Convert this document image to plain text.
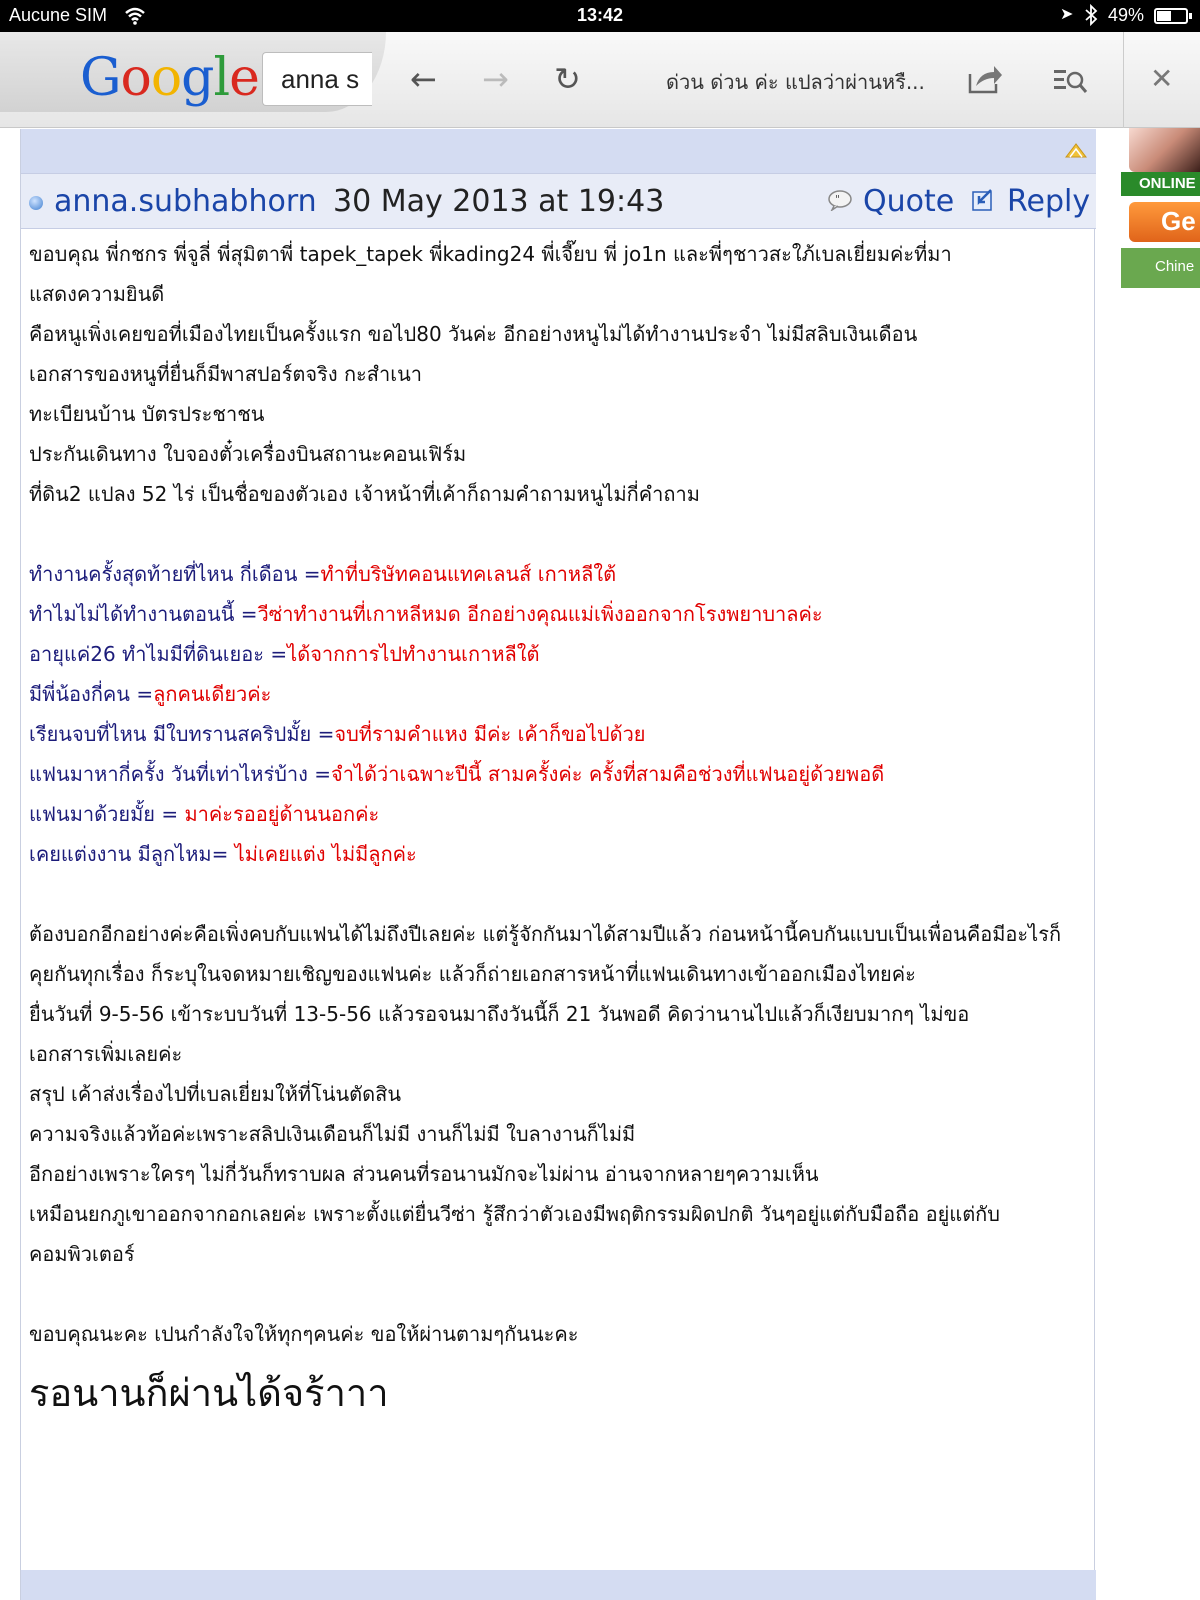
Aucune SIM	13:42	➤ 49%
Google anna s	← → ↻	ด่วน ด่วน ค่ะ แปลว่าผ่านหรื...	✕
anna.subhabhorn 30 May 2013 at 19:43	" Quote Reply
ขอบคุณ พี่กชกร พี่จูลี่ พี่สุมิตาพี่ tapek_tapek พี่kading24 พี่เจี๊ยบ พี่ jo1n และพี่ๆชาวสะใภ้เบลเยี่ยมค่ะที่มา
แสดงความยินดี
คือหนูเพิ่งเคยขอที่เมืองไทยเป็นครั้งแรก ขอไป80 วันค่ะ อีกอย่างหนูไม่ได้ทำงานประจำ ไม่มีสลิบเงินเดือน
เอกสารของหนูที่ยื่นก็มีพาสปอร์ตจริง กะสำเนา
ทะเบียนบ้าน บัตรประชาชน
ประกันเดินทาง ใบจองตั๋วเครื่องบินสถานะคอนเฟิร์ม
ที่ดิน2 แปลง 52 ไร่ เป็นชื่อของตัวเอง เจ้าหน้าที่เค้าก็ถามคำถามหนูไม่กี่คำถาม
ทำงานครั้งสุดท้ายที่ไหน กี่เดือน =ทำที่บริษัทคอนแทคเลนส์ เกาหลีใต้
ทำไมไม่ได้ทำงานตอนนี้ =วีซ่าทำงานที่เกาหลีหมด อีกอย่างคุณแม่เพิ่งออกจากโรงพยาบาลค่ะ
อายุแค่26 ทำไมมีที่ดินเยอะ =ได้จากการไปทำงานเกาหลีใต้
มีพี่น้องกี่คน =ลูกคนเดียวค่ะ
เรียนจบที่ไหน มีใบทรานสคริปมั้ย =จบที่รามคำแหง มีค่ะ เค้าก็ขอไปด้วย
แฟนมาหากี่ครั้ง วันที่เท่าไหร่บ้าง =จำได้ว่าเฉพาะปีนี้ สามครั้งค่ะ ครั้งที่สามคือช่วงที่แฟนอยู่ด้วยพอดี
แฟนมาด้วยมั้ย = มาค่ะรออยู่ด้านนอกค่ะ
เคยแต่งงาน มีลูกไหม= ไม่เคยแต่ง ไม่มีลูกค่ะ
ต้องบอกอีกอย่างค่ะคือเพิ่งคบกับแฟนได้ไม่ถึงปีเลยค่ะ แต่รู้จักกันมาได้สามปีแล้ว ก่อนหน้านี้คบกันแบบเป็นเพื่อนคือมีอะไรก็
คุยกันทุกเรื่อง ก็ระบุในจดหมายเชิญของแฟนค่ะ แล้วก็ถ่ายเอกสารหน้าที่แฟนเดินทางเข้าออกเมืองไทยค่ะ
ยื่นวันที่ 9-5-56 เข้าระบบวันที่ 13-5-56 แล้วรอจนมาถึงวันนี้ก็ 21 วันพอดี คิดว่านานไปแล้วก็เงียบมากๆ ไม่ขอ
เอกสารเพิ่มเลยค่ะ
สรุป เค้าส่งเรื่องไปที่เบลเยี่ยมให้ที่โน่นตัดสิน
ความจริงแล้วท้อค่ะเพราะสลิปเงินเดือนก็ไม่มี งานก็ไม่มี ใบลางานก็ไม่มี
อีกอย่างเพราะใครๆ ไม่กี่วันก็ทราบผล ส่วนคนที่รอนานมักจะไม่ผ่าน อ่านจากหลายๆความเห็น
เหมือนยกภูเขาออกจากอกเลยค่ะ เพราะตั้งแต่ยื่นวีซ่า รู้สึกว่าตัวเองมีพฤติกรรมผิดปกติ วันๆอยู่แต่กับมือถือ อยู่แต่กับ
คอมพิวเตอร์
ขอบคุณนะคะ เปนกำลังใจให้ทุกๆคนค่ะ ขอให้ผ่านตามๆกันนะคะ
รอนานก็ผ่านได้จร้าาา
ONLINE
Ge
Chine
